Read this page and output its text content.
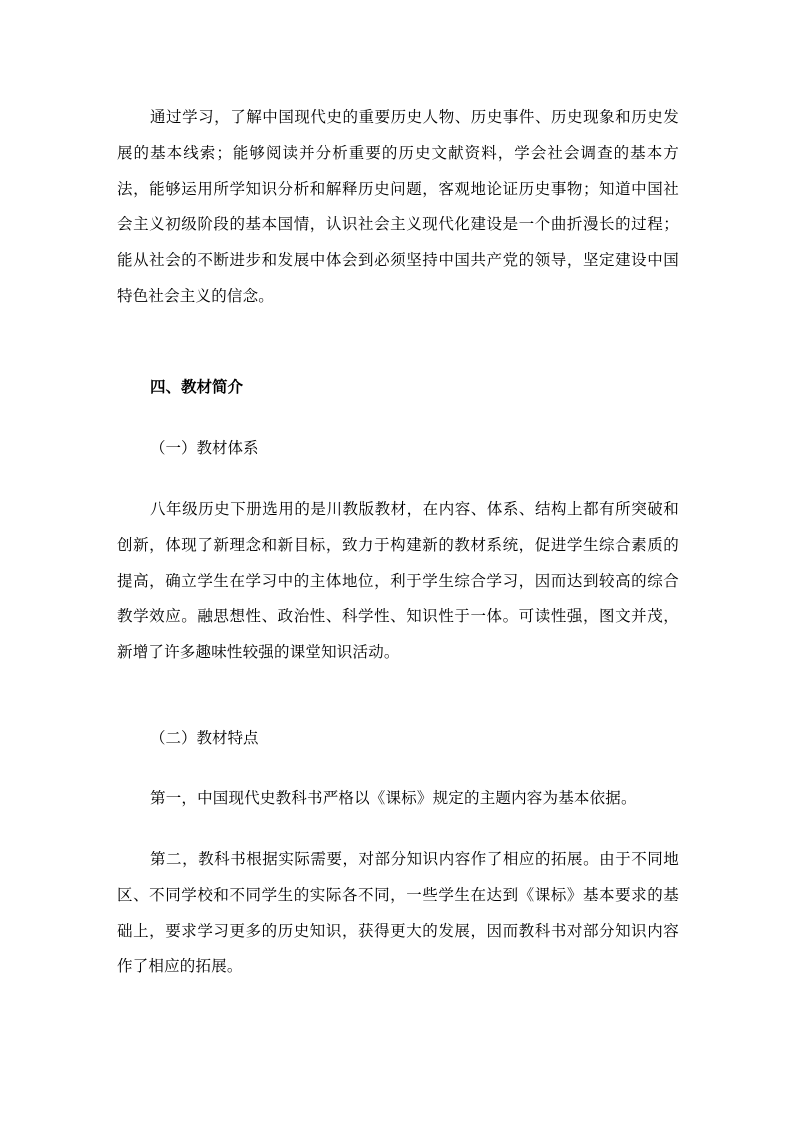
通过学习，了解中国现代史的重要历史人物、历史事件、历史现象和历史发展的基本线索；能够阅读并分析重要的历史文献资料，学会社会调查的基本方法，能够运用所学知识分析和解释历史问题，客观地论证历史事物；知道中国社会主义初级阶段的基本国情，认识社会主义现代化建设是一个曲折漫长的过程；能从社会的不断进步和发展中体会到必须坚持中国共产党的领导，坚定建设中国特色社会主义的信念。

四、教材简介

（一）教材体系

八年级历史下册选用的是川教版教材，在内容、体系、结构上都有所突破和创新，体现了新理念和新目标，致力于构建新的教材系统，促进学生综合素质的提高，确立学生在学习中的主体地位，利于学生综合学习，因而达到较高的综合教学效应。融思想性、政治性、科学性、知识性于一体。可读性强，图文并茂，新增了许多趣味性较强的课堂知识活动。

（二）教材特点

第一，中国现代史教科书严格以《课标》规定的主题内容为基本依据。

第二，教科书根据实际需要，对部分知识内容作了相应的拓展。由于不同地区、不同学校和不同学生的实际各不同，一些学生在达到《课标》基本要求的基础上，要求学习更多的历史知识，获得更大的发展，因而教科书对部分知识内容作了相应的拓展。
